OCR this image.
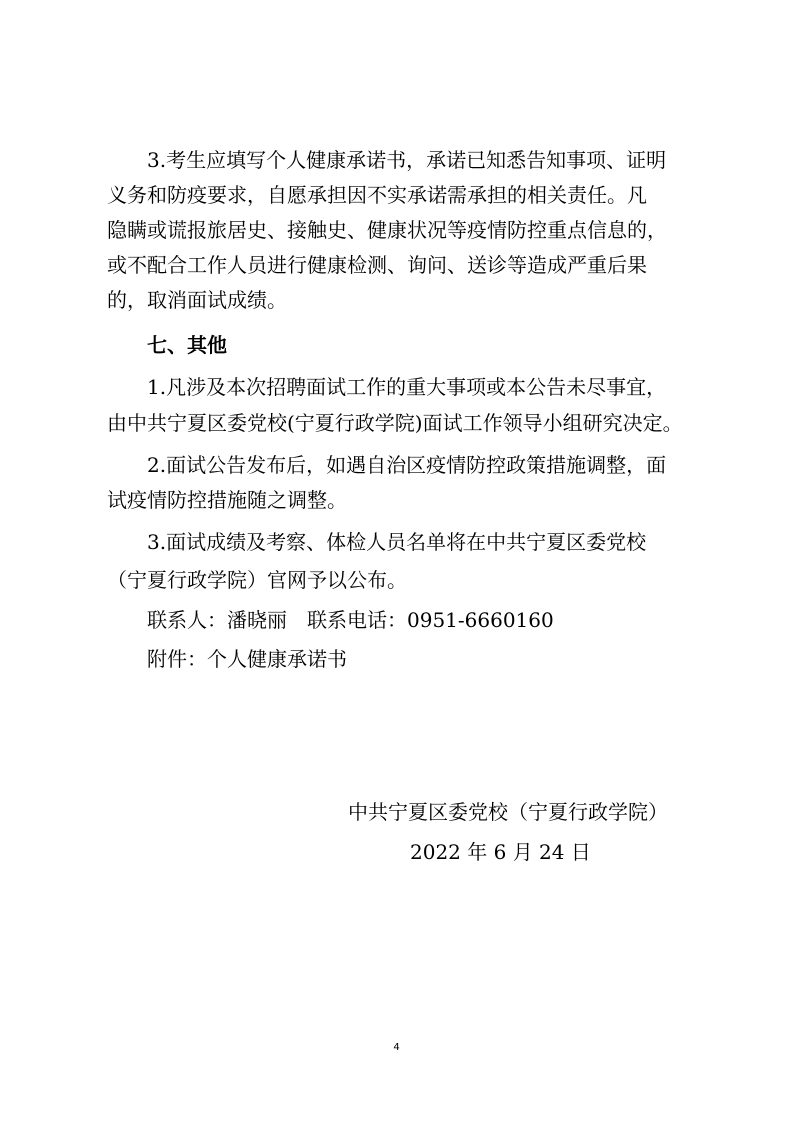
3.考生应填写个人健康承诺书，承诺已知悉告知事项、证明
义务和防疫要求，自愿承担因不实承诺需承担的相关责任。凡
隐瞒或谎报旅居史、接触史、健康状况等疫情防控重点信息的，
或不配合工作人员进行健康检测、询问、送诊等造成严重后果
的，取消面试成绩。
七、其他
1.凡涉及本次招聘面试工作的重大事项或本公告未尽事宜，
由中共宁夏区委党校(宁夏行政学院)面试工作领导小组研究决定。
2.面试公告发布后，如遇自治区疫情防控政策措施调整，面
试疫情防控措施随之调整。
3.面试成绩及考察、体检人员名单将在中共宁夏区委党校
（宁夏行政学院）官网予以公布。
联系人：潘晓丽　联系电话：0951-6660160
附件：个人健康承诺书
中共宁夏区委党校（宁夏行政学院）
2022 年 6 月 24 日
4
